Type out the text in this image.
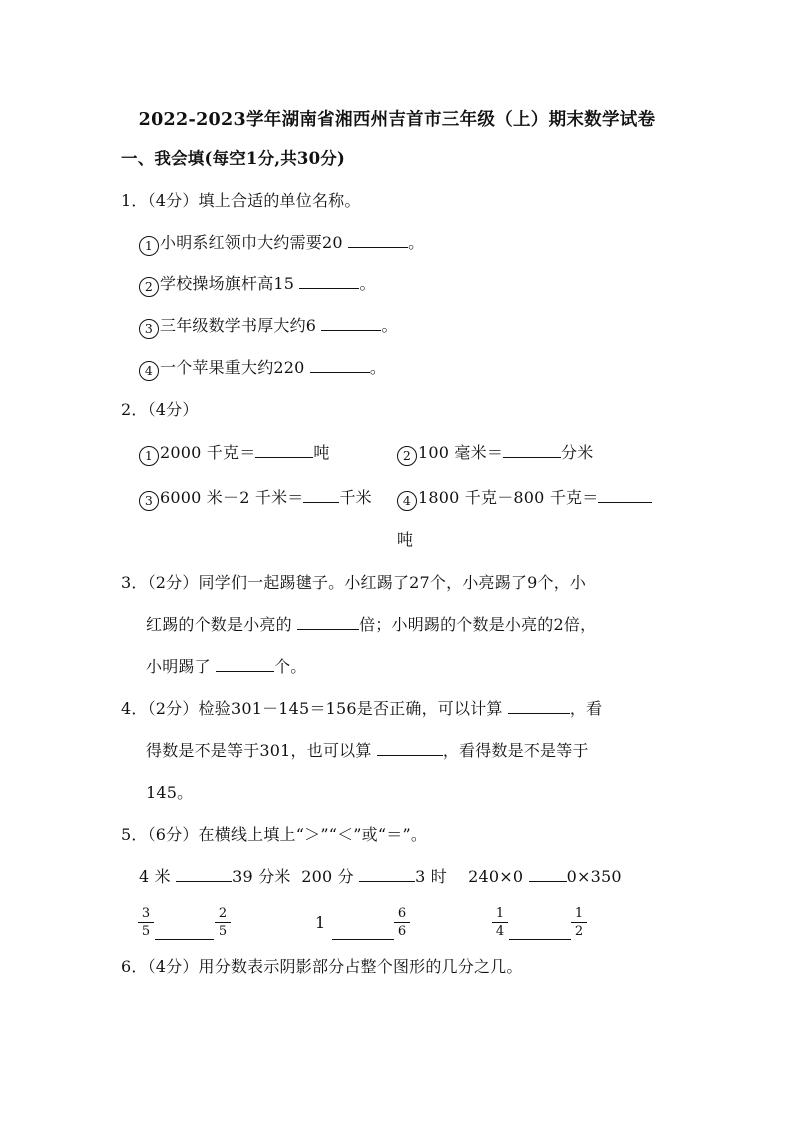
2022-2023学年湖南省湘西州吉首市三年级（上）期末数学试卷
一、我会填(每空1分,共30分)
1．（4分）填上合适的单位名称。
1 小明系红领巾大约需要20	。
2 学校操场旗杆高15	。
3 三年级数学书厚大约6	。
4 一个苹果重大约220	。
2．（4分）
1 2000 千克＝	吨	2 100 毫米＝	分米
3 6000 米－2 千米＝ 千米	4 1800 千克－800 千克＝
吨
3．（2分）同学们一起踢毽子。小红踢了27个，小亮踢了9个，小
红踢的个数是小亮的	倍；小明踢的个数是小亮的2倍，
小明踢了	个。
4．（2分）检验301－145＝156是否正确，可以计算	，看
得数是不是等于301，也可以算	，看得数是不是等于
145。
5．（6分）在横线上填上“＞”“＜”或“＝”。
4 米	39 分米 200 分	3 时 240×0	0×350
$\frac{3}{5}$	$\frac{2}{5}$	1	$\frac{6}{6}$	$\frac{1}{4}$	$\frac{1}{2}$
6．（4分）用分数表示阴影部分占整个图形的几分之几。
